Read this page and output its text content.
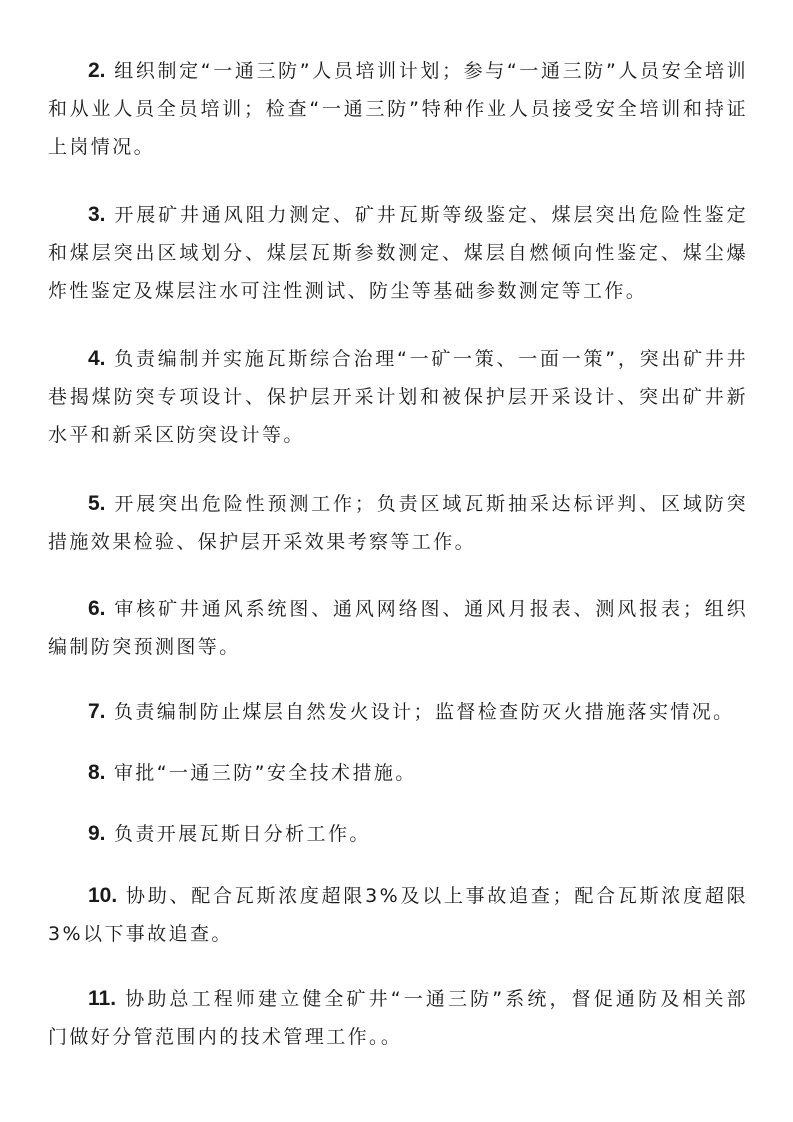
2. 组织制定“一通三防”人员培训计划；参与“一通三防”人员安全培训和从业人员全员培训；检查“一通三防”特种作业人员接受安全培训和持证上岗情况。

3. 开展矿井通风阻力测定、矿井瓦斯等级鉴定、煤层突出危险性鉴定和煤层突出区域划分、煤层瓦斯参数测定、煤层自燃倾向性鉴定、煤尘爆炸性鉴定及煤层注水可注性测试、防尘等基础参数测定等工作。

4. 负责编制并实施瓦斯综合治理“一矿一策、一面一策”，突出矿井井巷揭煤防突专项设计、保护层开采计划和被保护层开采设计、突出矿井新水平和新采区防突设计等。

5. 开展突出危险性预测工作；负责区域瓦斯抽采达标评判、区域防突措施效果检验、保护层开采效果考察等工作。

6. 审核矿井通风系统图、通风网络图、通风月报表、测风报表；组织编制防突预测图等。

7. 负责编制防止煤层自然发火设计；监督检查防灭火措施落实情况。

8. 审批“一通三防”安全技术措施。

9. 负责开展瓦斯日分析工作。

10. 协助、配合瓦斯浓度超限3%及以上事故追查；配合瓦斯浓度超限3%以下事故追查。

11. 协助总工程师建立健全矿井“一通三防”系统，督促通防及相关部门做好分管范围内的技术管理工作。。
